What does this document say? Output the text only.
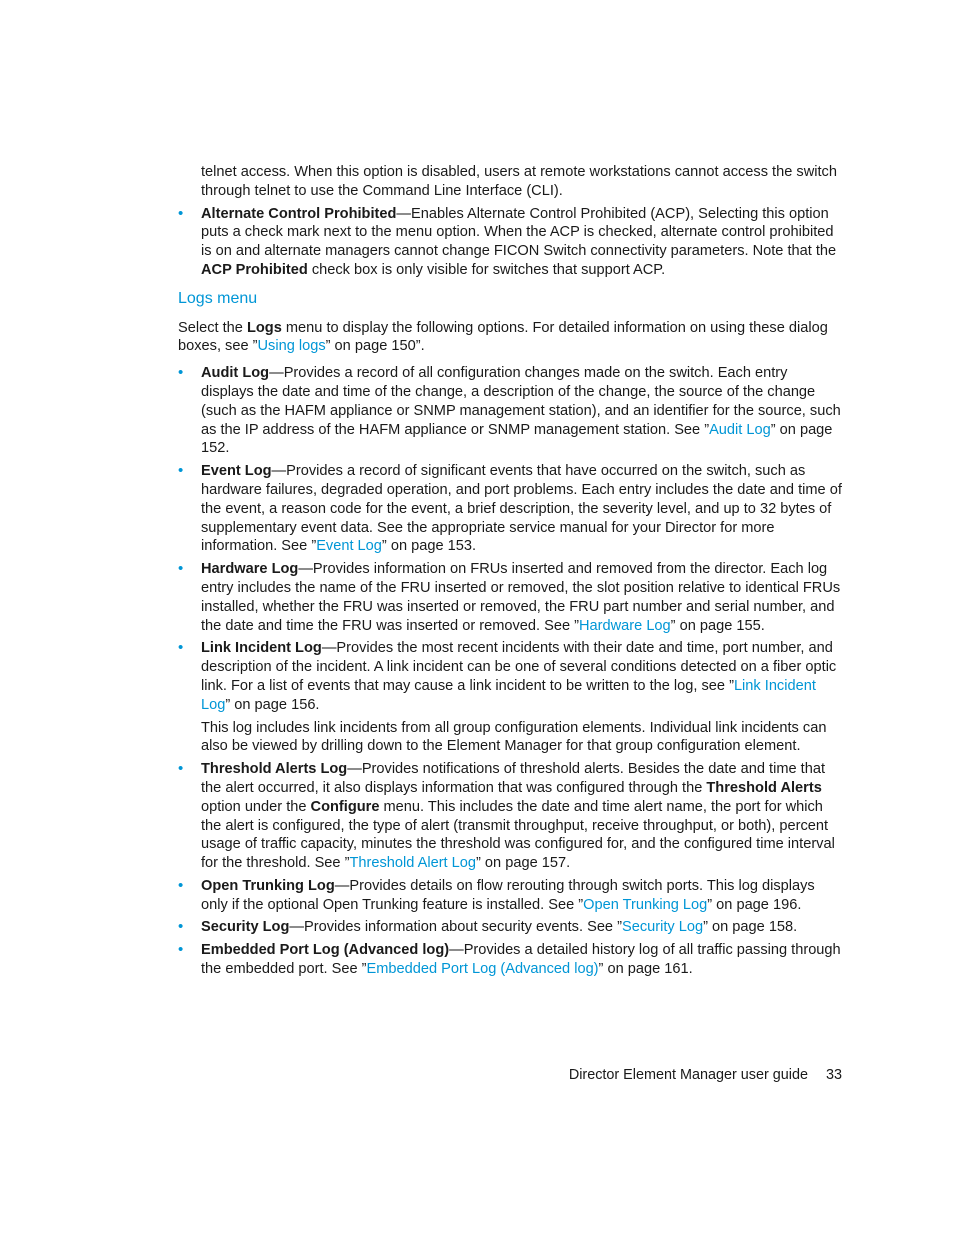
telnet access. When this option is disabled, users at remote workstations cannot access the switch through telnet to use the Command Line Interface (CLI).

• Alternate Control Prohibited—Enables Alternate Control Prohibited (ACP), Selecting this option puts a check mark next to the menu option. When the ACP is checked, alternate control prohibited is on and alternate managers cannot change FICON Switch connectivity parameters. Note that the ACP Prohibited check box is only visible for switches that support ACP.
Logs menu

Select the Logs menu to display the following options. For detailed information on using these dialog boxes, see ”Using logs” on page 150”.

• Audit Log—Provides a record of all configuration changes made on the switch. Each entry displays the date and time of the change, a description of the change, the source of the change (such as the HAFM appliance or SNMP management station), and an identifier for the source, such as the IP address of the HAFM appliance or SNMP management station. See ”Audit Log” on page 152.
• Event Log—Provides a record of significant events that have occurred on the switch, such as hardware failures, degraded operation, and port problems. Each entry includes the date and time of the event, a reason code for the event, a brief description, the severity level, and up to 32 bytes of supplementary event data. See the appropriate service manual for your Director for more information. See ”Event Log” on page 153.
• Hardware Log—Provides information on FRUs inserted and removed from the director. Each log entry includes the name of the FRU inserted or removed, the slot position relative to identical FRUs installed, whether the FRU was inserted or removed, the FRU part number and serial number, and the date and time the FRU was inserted or removed. See ”Hardware Log” on page 155.
• Link Incident Log—Provides the most recent incidents with their date and time, port number, and description of the incident. A link incident can be one of several conditions detected on a fiber optic link. For a list of events that may cause a link incident to be written to the log, see ”Link Incident Log” on page 156.

This log includes link incidents from all group configuration elements. Individual link incidents can also be viewed by drilling down to the Element Manager for that group configuration element.

• Threshold Alerts Log—Provides notifications of threshold alerts. Besides the date and time that the alert occurred, it also displays information that was configured through the Threshold Alerts option under the Configure menu. This includes the date and time alert name, the port for which the alert is configured, the type of alert (transmit throughput, receive throughput, or both), percent usage of traffic capacity, minutes the threshold was configured for, and the configured time interval for the threshold. See ”Threshold Alert Log” on page 157.
• Open Trunking Log—Provides details on flow rerouting through switch ports. This log displays only if the optional Open Trunking feature is installed. See ”Open Trunking Log” on page 196.
• Security Log—Provides information about security events. See ”Security Log” on page 158.
• Embedded Port Log (Advanced log)—Provides a detailed history log of all traffic passing through the embedded port. See ”Embedded Port Log (Advanced log)” on page 161.
Director Element Manager user guide 33
